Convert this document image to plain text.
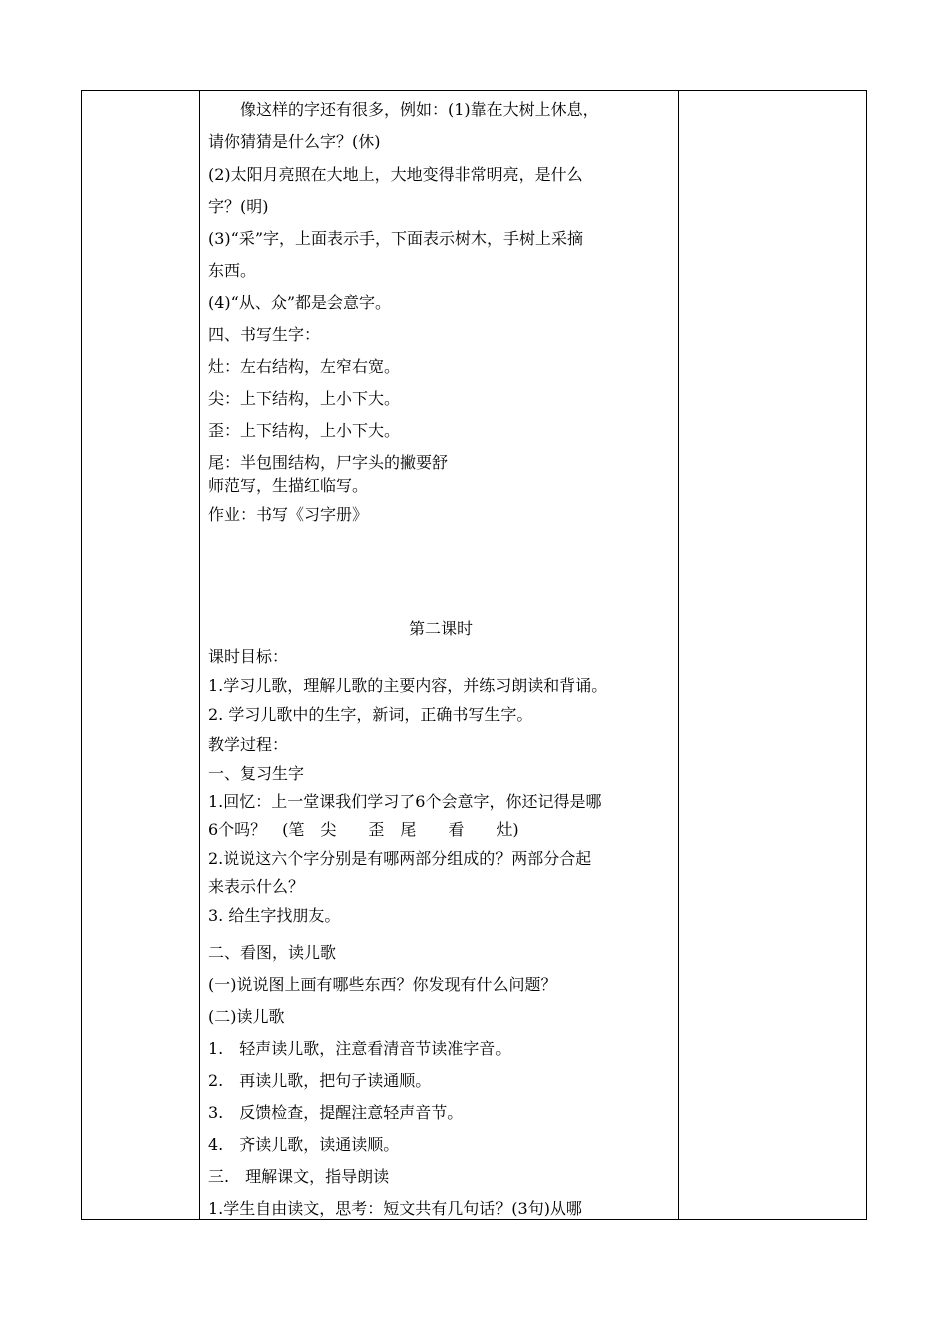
　　像这样的字还有很多，例如：(1)靠在大树上休息，
请你猜猜是什么字？(休)
(2)太阳月亮照在大地上，大地变得非常明亮，是什么
字？(明)
(3)“采”字，上面表示手，下面表示树木，手树上采摘
东西。
(4)“从、众”都是会意字。
四、书写生字：
灶：左右结构，左窄右宽。
尖：上下结构，上小下大。
歪：上下结构，上小下大。
尾：半包围结构，尸字头的撇要舒
师范写，生描红临写。
作业：书写《习字册》
第二课时
课时目标：
1.学习儿歌，理解儿歌的主要内容，并练习朗读和背诵。
2. 学习儿歌中的生字，新词，正确书写生字。
教学过程：
一、复习生字
1.回忆：上一堂课我们学习了6个会意字，你还记得是哪
6个吗？　(笔　尖　　歪　尾　　看　　灶)
2.说说这六个字分别是有哪两部分组成的？两部分合起
来表示什么？
3. 给生字找朋友。
二、看图，读儿歌
(一)说说图上画有哪些东西？你发现有什么问题？
(二)读儿歌
1.　轻声读儿歌，注意看清音节读准字音。
2.　再读儿歌，把句子读通顺。
3.　反馈检查，提醒注意轻声音节。
4.　齐读儿歌，读通读顺。
三.　理解课文，指导朗读
1.学生自由读文，思考：短文共有几句话？(3句)从哪
